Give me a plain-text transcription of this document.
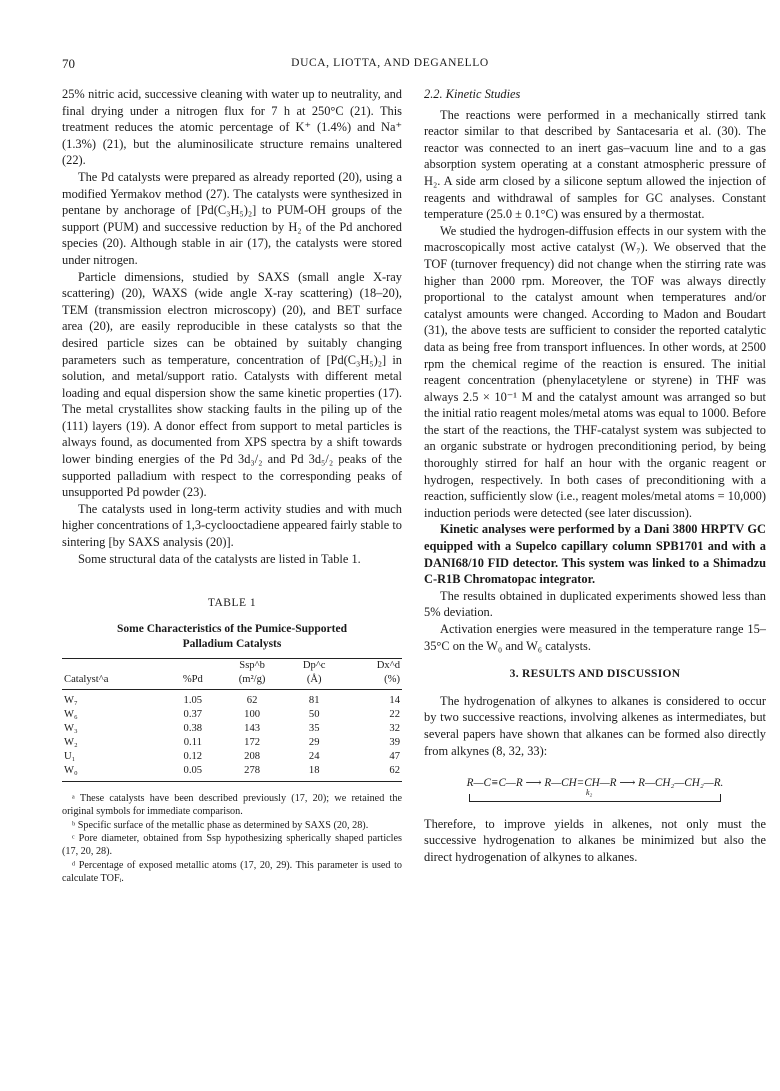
70	DUCA, LIOTTA, AND DEGANELLO

25% nitric acid, successive cleaning with water up to neutrality, and final drying under a nitrogen flux for 7 h at 250°C (21). This treatment reduces the atomic percentage of K⁺ (1.4%) and Na⁺ (1.3%) (21), but the aluminosilicate structure remains unaltered (22).

The Pd catalysts were prepared as already reported (20), using a modified Yermakov method (27). The catalysts were synthesized in pentane by anchorage of [Pd(C₃H₅)₂] to PUM-OH groups of the support (PUM) and successive reduction by H₂ of the Pd anchored species (20). Although stable in air (17), the catalysts were stored under nitrogen.

Particle dimensions, studied by SAXS (small angle X-ray scattering) (20), WAXS (wide angle X-ray scattering) (18–20), TEM (transmission electron microscopy) (20), and BET surface area (20), are easily reproducible in these catalysts so that the desired particle sizes can be obtained by suitably changing parameters such as temperature, concentration of [Pd(C₃H₅)₂] in solution, and metal/support ratio. Catalysts with different metal loading and equal dispersion show the same kinetic properties (17). The metal crystallites show stacking faults in the piling up of the (111) layers (19). A donor effect from support to metal particles is always found, as documented from XPS spectra by a shift towards lower binding energies of the Pd 3d₃/₂ and Pd 3d₅/₂ peaks of the supported palladium with respect to the corresponding peaks of unsupported Pd powder (23).

The catalysts used in long-term activity studies and with much higher concentrations of 1,3-cyclooctadiene appeared fairly stable to sintering [by SAXS analysis (20)].

Some structural data of the catalysts are listed in Table 1.

TABLE 1
Some Characteristics of the Pumice-Supported
Palladium Catalysts
		Ssp^b	Dp^c	Dx^d
Catalyst^a	%Pd	(m²/g)	(Å)	(%)
W₇	1.05	62	81	14
W₆	0.37	100	50	22
W₃	0.38	143	35	32
W₂	0.11	172	29	39
U₁	0.12	208	24	47
W₀	0.05	278	18	62

ᵃ These catalysts have been described previously (17, 20); we retained the original symbols for immediate comparison.

ᵇ Specific surface of the metallic phase as determined by SAXS (20, 28).

ᶜ Pore diameter, obtained from Ssp hypothesizing spherically shaped particles (17, 20, 28).

ᵈ Percentage of exposed metallic atoms (17, 20, 29). This parameter is used to calculate TOFᵢ.

2.2. Kinetic Studies

The reactions were performed in a mechanically stirred tank reactor similar to that described by Santacesaria et al. (30). The reactor was connected to an inert gas–vacuum line and to a gas absorption system operating at a constant atmospheric pressure of H₂. A side arm closed by a silicone septum allowed the injection of reagents and withdrawal of samples for GC analyses. Constant temperature (25.0 ± 0.1°C) was ensured by a thermostat.

We studied the hydrogen-diffusion effects in our system with the macroscopically most active catalyst (W₇). We observed that the TOF (turnover frequency) did not change when the stirring rate was higher than 2000 rpm. Moreover, the TOF was always directly proportional to the catalyst amount when temperatures and/or catalyst amounts were changed. According to Madon and Boudart (31), the above tests are sufficient to consider the reported catalytic data as being free from transport influences. In other words, at 2500 rpm the chemical regime of the reaction is ensured. The initial reagent concentration (phenylacetylene or styrene) in THF was always 2.5 × 10⁻¹ M and the catalyst amount was arranged so but the initial ratio reagent moles/metal atoms was equal to 1000. Before the start of the reactions, the THF-catalyst system was subjected to an organic substrate or hydrogen preconditioning period, by being thoroughly stirred for half an hour with the organic reagent or hydrogen, respectively. In both cases of preconditioning with a reaction, sufficiently slow (i.e., reagent moles/metal atoms = 10,000) induction periods were detected (see later discussion).

Kinetic analyses were performed by a Dani 3800 HRPTV GC equipped with a Supelco capillary column SPB1701 and with a DANI68/10 FID detector. This system was linked to a Shimadzu C-R1B Chromatopac integrator.

The results obtained in duplicated experiments showed less than 5% deviation.

Activation energies were measured in the temperature range 15–35°C on the W₀ and W₆ catalysts.

3. RESULTS AND DISCUSSION

The hydrogenation of alkynes to alkanes is considered to occur by two successive reactions, involving alkenes as intermediates, but several papers have shown that alkanes can be formed also directly from alkynes (8, 32, 33):

R—C≡C—R ⟶ R—CH=CH—R ⟶ R—CH₂—CH₂—R.
k₂

Therefore, to improve yields in alkenes, not only must the successive hydrogenation to alkanes be minimized but also the direct hydrogenation of alkynes to alkanes.
